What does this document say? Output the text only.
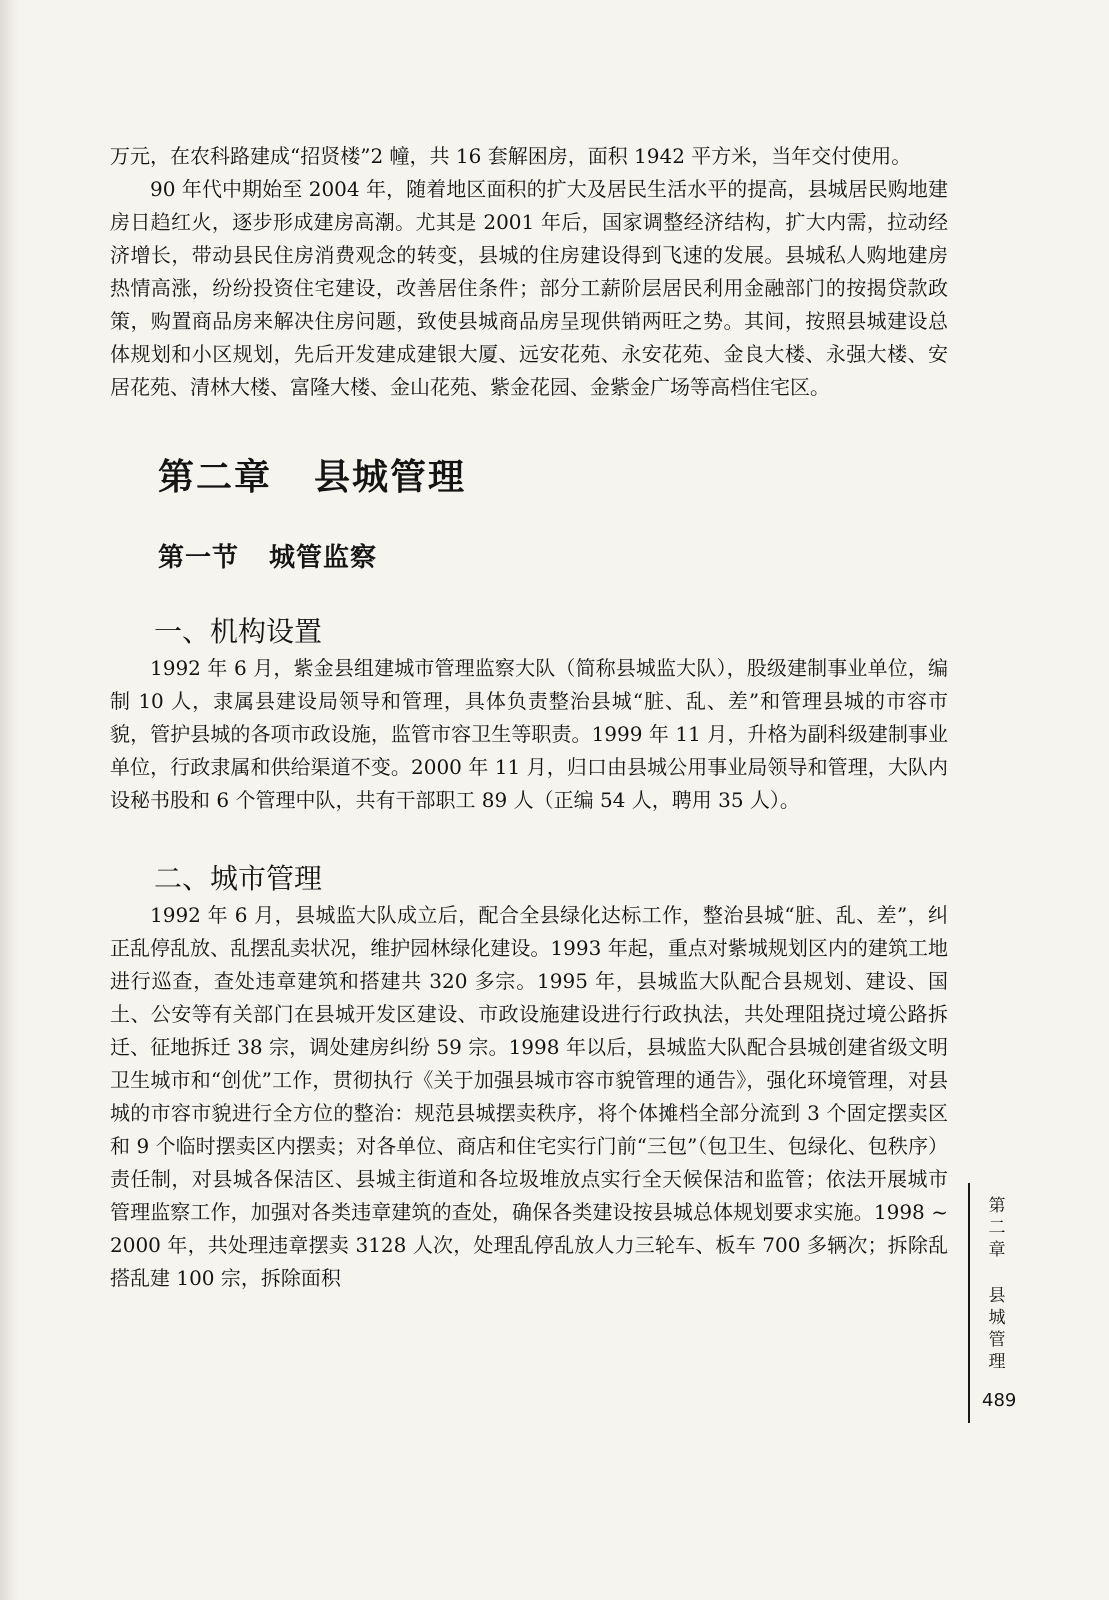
万元，在农科路建成“招贤楼”2 幢，共 16 套解困房，面积 1942 平方米，当年交付使用。

90 年代中期始至 2004 年，随着地区面积的扩大及居民生活水平的提高，县城居民购地建房日趋红火，逐步形成建房高潮。尤其是 2001 年后，国家调整经济结构，扩大内需，拉动经济增长，带动县民住房消费观念的转变，县城的住房建设得到飞速的发展。县城私人购地建房热情高涨，纷纷投资住宅建设，改善居住条件；部分工薪阶层居民利用金融部门的按揭贷款政策，购置商品房来解决住房问题，致使县城商品房呈现供销两旺之势。其间，按照县城建设总体规划和小区规划，先后开发建成建银大厦、远安花苑、永安花苑、金良大楼、永强大楼、安居花苑、清林大楼、富隆大楼、金山花苑、紫金花园、金紫金广场等高档住宅区。

第二章 县城管理
第一节 城管监察
一、机构设置

1992 年 6 月，紫金县组建城市管理监察大队（简称县城监大队），股级建制事业单位，编制 10 人，隶属县建设局领导和管理，具体负责整治县城“脏、乱、差”和管理县城的市容市貌，管护县城的各项市政设施，监管市容卫生等职责。1999 年 11 月，升格为副科级建制事业单位，行政隶属和供给渠道不变。2000 年 11 月，归口由县城公用事业局领导和管理，大队内设秘书股和 6 个管理中队，共有干部职工 89 人（正编 54 人，聘用 35 人）。

二、城市管理

1992 年 6 月，县城监大队成立后，配合全县绿化达标工作，整治县城“脏、乱、差”，纠正乱停乱放、乱摆乱卖状况，维护园林绿化建设。1993 年起，重点对紫城规划区内的建筑工地进行巡查，查处违章建筑和搭建共 320 多宗。1995 年，县城监大队配合县规划、建设、国土、公安等有关部门在县城开发区建设、市政设施建设进行行政执法，共处理阻挠过境公路拆迁、征地拆迁 38 宗，调处建房纠纷 59 宗。1998 年以后，县城监大队配合县城创建省级文明卫生城市和“创优”工作，贯彻执行《关于加强县城市容市貌管理的通告》，强化环境管理，对县城的市容市貌进行全方位的整治：规范县城摆卖秩序，将个体摊档全部分流到 3 个固定摆卖区和 9 个临时摆卖区内摆卖；对各单位、商店和住宅实行门前“三包”（包卫生、包绿化、包秩序）责任制，对县城各保洁区、县城主街道和各垃圾堆放点实行全天候保洁和监管；依法开展城市管理监察工作，加强对各类违章建筑的查处，确保各类建设按县城总体规划要求实施。1998 ~ 2000 年，共处理违章摆卖 3128 人次，处理乱停乱放人力三轮车、板车 700 多辆次；拆除乱搭乱建 100 宗，拆除面积

第二章
县城管理
489
